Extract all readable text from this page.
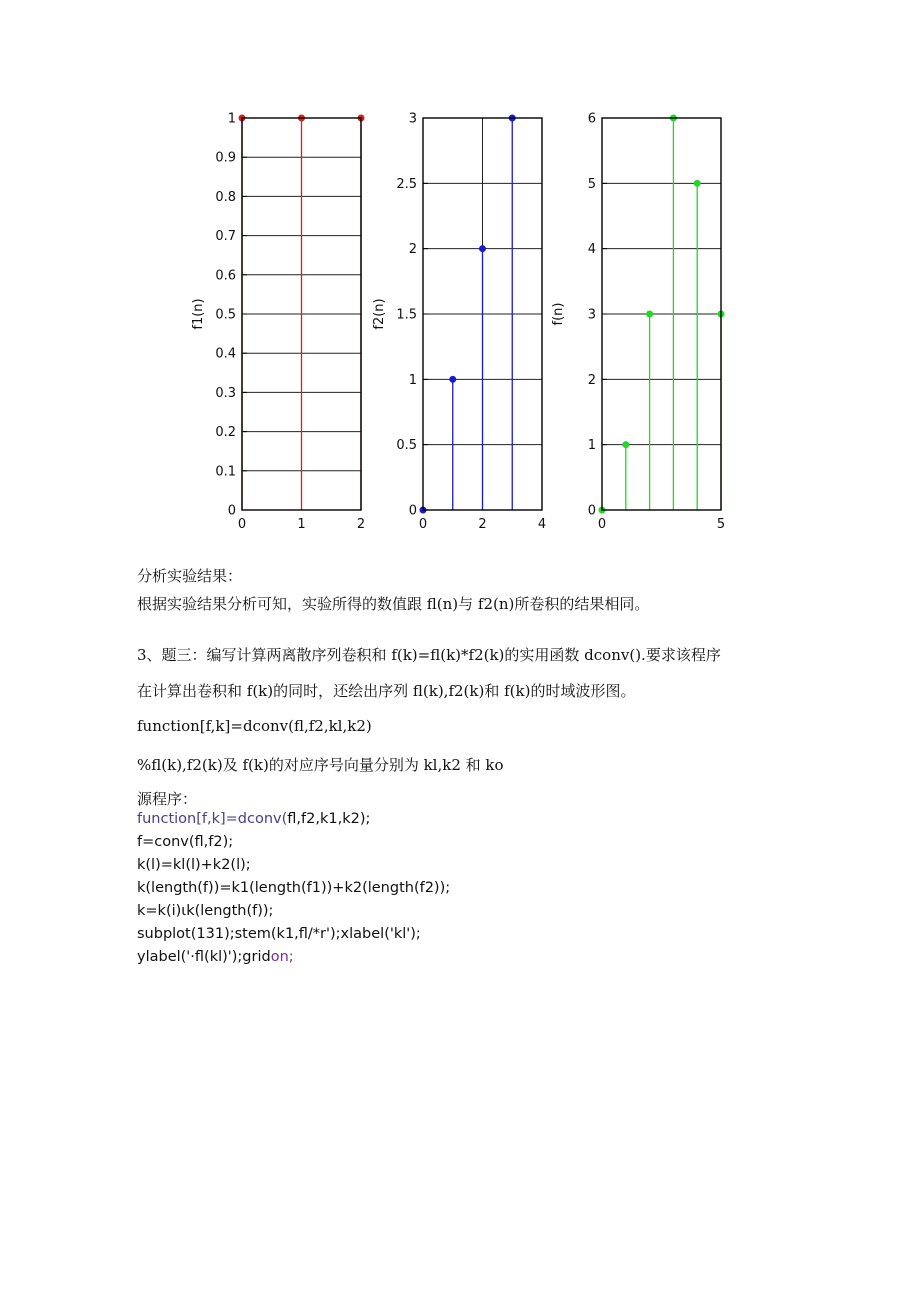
0
0.1
0.2
0.3
0.4
0.5
0.6
0.7
0.8
0.9
1
0	1	2
f1(n)
0
0.5
1
1.5
2
2.5
3
0	2	4
f2(n)
0
1
2
3
4
5
6
0	5
f(n)
分析实验结果：
根据实验结果分析可知，实验所得的数值跟 fl(n)与 f2(n)所卷积的结果相同。
3、题三：编写计算两离散序列卷积和 f(k)=fl(k)*f2(k)的实用函数 dconv().要求该程序
在计算出卷积和 f(k)的同时，还绘出序列 fl(k),f2(k)和 f(k)的时域波形图。
function[f,k]=dconv(fl,f2,kl,k2)
%fl(k),f2(k)及 f(k)的对应序号向量分别为 kl,k2 和 ko
源程序：
function[f,k]=dconv(fl,f2,k1,k2);
f=conv(fl,f2);
k(l)=kl(l)+k2(l);
k(length(f))=k1(length(f1))+k2(length(f2));
k=k(i)ιk(length(f));
subplot(131);stem(k1,fl/*r');xlabel('kl');
ylabel('·fl(kl)');gridon;
